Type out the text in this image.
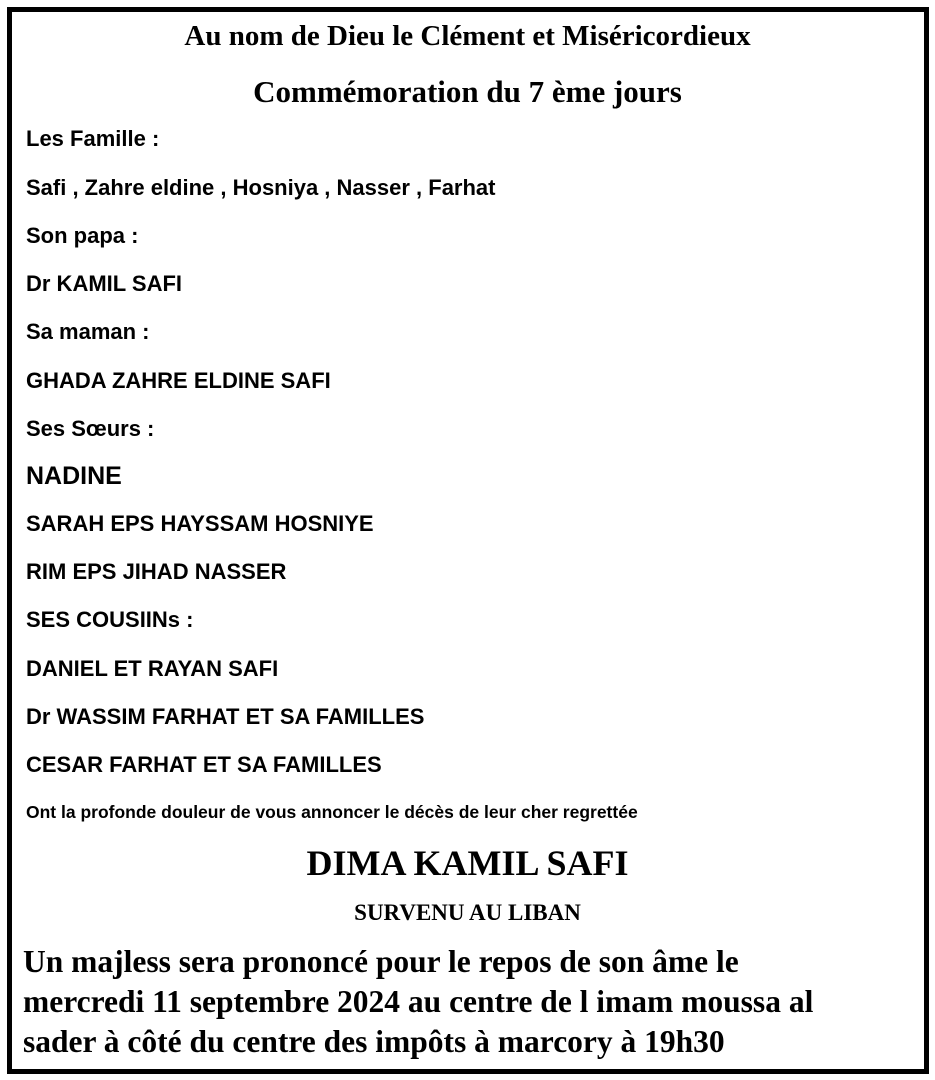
Au nom de Dieu le Clément et Miséricordieux

Commémoration du 7 ème jours

Les Famille :

Safi , Zahre eldine , Hosniya , Nasser , Farhat

Son papa :

Dr KAMIL SAFI

Sa maman :

GHADA ZAHRE ELDINE SAFI

Ses Sœurs :

NADINE

SARAH EPS HAYSSAM HOSNIYE

RIM EPS JIHAD NASSER

SES COUSIINs :

DANIEL ET RAYAN SAFI

Dr WASSIM FARHAT ET SA FAMILLES

CESAR FARHAT ET SA FAMILLES

Ont la profonde douleur de vous annoncer le décès de leur cher regrettée

DIMA KAMIL SAFI

SURVENU AU LIBAN

Un majless sera prononcé pour le repos de son âme le
mercredi 11 septembre 2024 au centre de l imam moussa al
sader à côté du centre des impôts à marcory à 19h30
